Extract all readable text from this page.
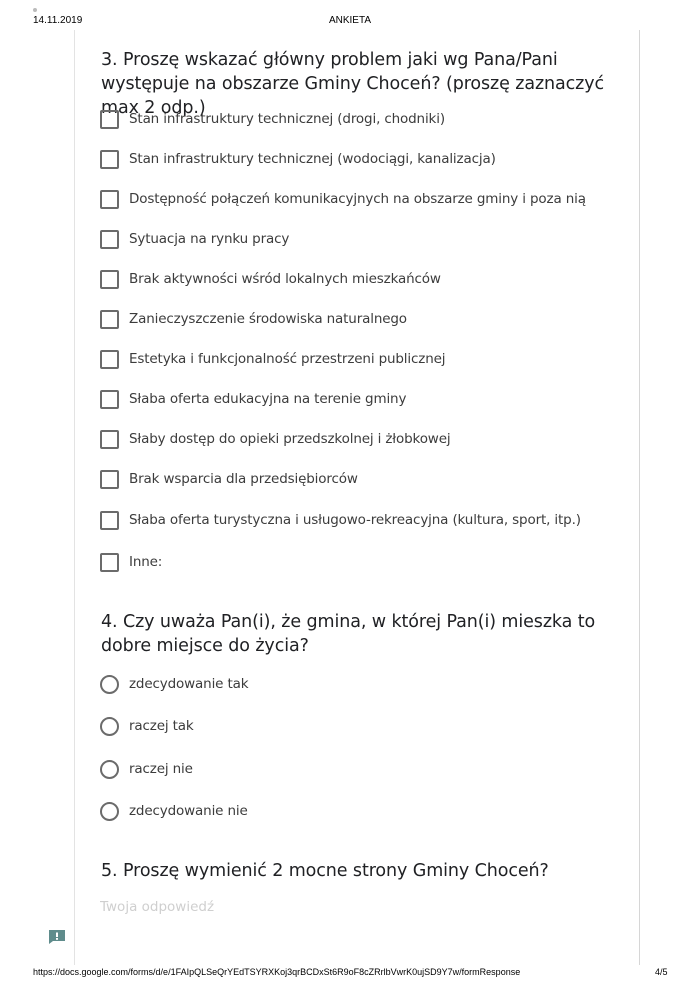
14.11.2019	ANKIETA
3. Proszę wskazać główny problem jaki wg Pana/Pani występuje na obszarze Gminy Choceń? (proszę zaznaczyć max 2 odp.)
Stan infrastruktury technicznej (drogi, chodniki)
Stan infrastruktury technicznej (wodociągi, kanalizacja)
Dostępność połączeń komunikacyjnych na obszarze gminy i poza nią
Sytuacja na rynku pracy
Brak aktywności wśród lokalnych mieszkańców
Zanieczyszczenie środowiska naturalnego
Estetyka i funkcjonalność przestrzeni publicznej
Słaba oferta edukacyjna na terenie gminy
Słaby dostęp do opieki przedszkolnej i żłobkowej
Brak wsparcia dla przedsiębiorców
Słaba oferta turystyczna i usługowo-rekreacyjna (kultura, sport, itp.)
Inne:
4. Czy uważa Pan(i), że gmina, w której Pan(i) mieszka to dobre miejsce do życia?
zdecydowanie tak
raczej tak
raczej nie
zdecydowanie nie
5. Proszę wymienić 2 mocne strony Gminy Choceń?
Twoja odpowiedź
https://docs.google.com/forms/d/e/1FAIpQLSeQrYEdTSYRXKoj3qrBCDxSt6R9oF8cZRrlbVwrK0ujSD9Y7w/formResponse	4/5
